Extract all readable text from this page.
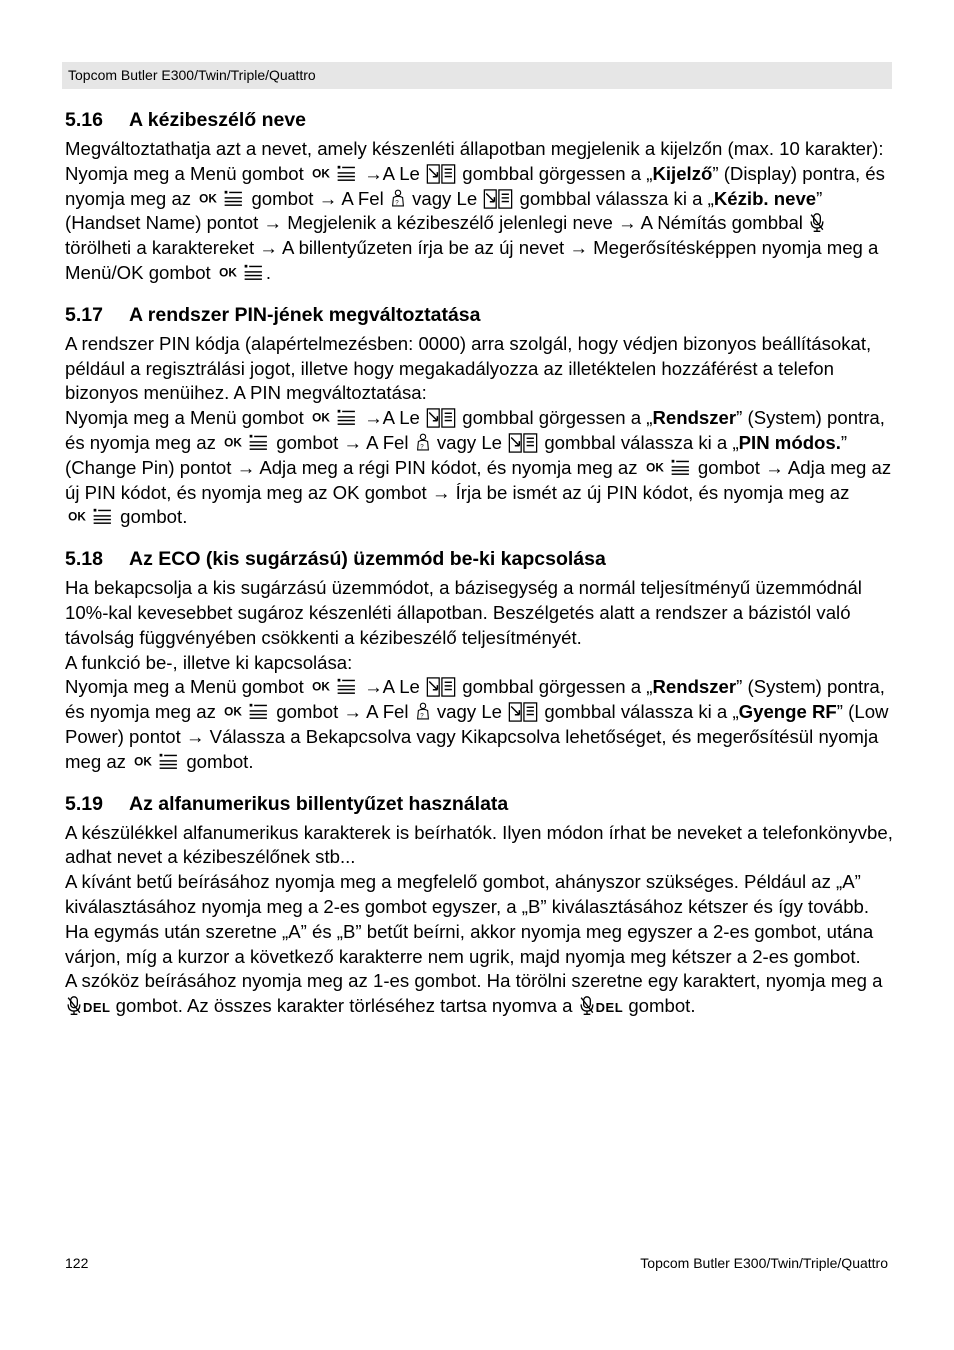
Topcom Butler E300/Twin/Triple/Quattro
5.16 A kézibeszélő neve

Megváltoztathatja azt a nevet, amely készenléti állapotban megjelenik a kijelzőn (max. 10 karakter):
Nyomja meg a Menü gombot OK →A Le gombbal görgessen a „Kijelző” (Display) pontra, és nyomja meg az OK gombot → A Fel ? vagy Le gombbal válassza ki a „Kézib. neve” (Handset Name) pontot → Megjelenik a kézibeszélő jelenlegi neve → A Némítás gombbal
törölheti a karaktereket → A billentyűzeten írja be az új nevet → Megerősítésképpen nyomja meg a Menü/OK gombot OK .

5.17 A rendszer PIN-jének megváltoztatása

A rendszer PIN kódja (alapértelmezésben: 0000) arra szolgál, hogy védjen bizonyos beállításokat, például a regisztrálási jogot, illetve hogy megakadályozza az illetéktelen hozzáférést a telefon bizonyos menüihez. A PIN megváltoztatása:
Nyomja meg a Menü gombot OK →A Le gombbal görgessen a „Rendszer” (System) pontra, és nyomja meg az OK gombot → A Fel ? vagy Le gombbal válassza ki a „PIN módos.” (Change Pin) pontot → Adja meg a régi PIN kódot, és nyomja meg az OK gombot → Adja meg az új PIN kódot, és nyomja meg az OK gombot → Írja be ismét az új PIN kódot, és nyomja meg az
OK gombot.

5.18 Az ECO (kis sugárzású) üzemmód be-ki kapcsolása

Ha bekapcsolja a kis sugárzású üzemmódot, a bázisegység a normál teljesítményű üzemmódnál 10%-kal kevesebbet sugároz készenléti állapotban. Beszélgetés alatt a rendszer a bázistól való távolság függvényében csökkenti a kézibeszélő teljesítményét.
A funkció be-, illetve ki kapcsolása:
Nyomja meg a Menü gombot OK →A Le gombbal görgessen a „Rendszer” (System) pontra, és nyomja meg az OK gombot → A Fel ? vagy Le gombbal válassza ki a „Gyenge RF” (Low Power) pontot → Válassza a Bekapcsolva vagy Kikapcsolva lehetőséget, és megerősítésül nyomja meg az OK gombot.

5.19 Az alfanumerikus billentyűzet használata

A készülékkel alfanumerikus karakterek is beírhatók. Ilyen módon írhat be neveket a telefonkönyvbe, adhat nevet a kézibeszélőnek stb...
A kívánt betű beírásához nyomja meg a megfelelő gombot, ahányszor szükséges. Például az „A” kiválasztásához nyomja meg a 2-es gombot egyszer, a „B” kiválasztásához kétszer és így tovább. Ha egymás után szeretne „A” és „B” betűt beírni, akkor nyomja meg egyszer a 2-es gombot, utána várjon, míg a kurzor a következő karakterre nem ugrik, majd nyomja meg kétszer a 2-es gombot.
A szóköz beírásához nyomja meg az 1-es gombot. Ha törölni szeretne egy karaktert, nyomja meg a
DEL gombot. Az összes karakter törléséhez tartsa nyomva a DEL gombot.

122	Topcom Butler E300/Twin/Triple/Quattro
